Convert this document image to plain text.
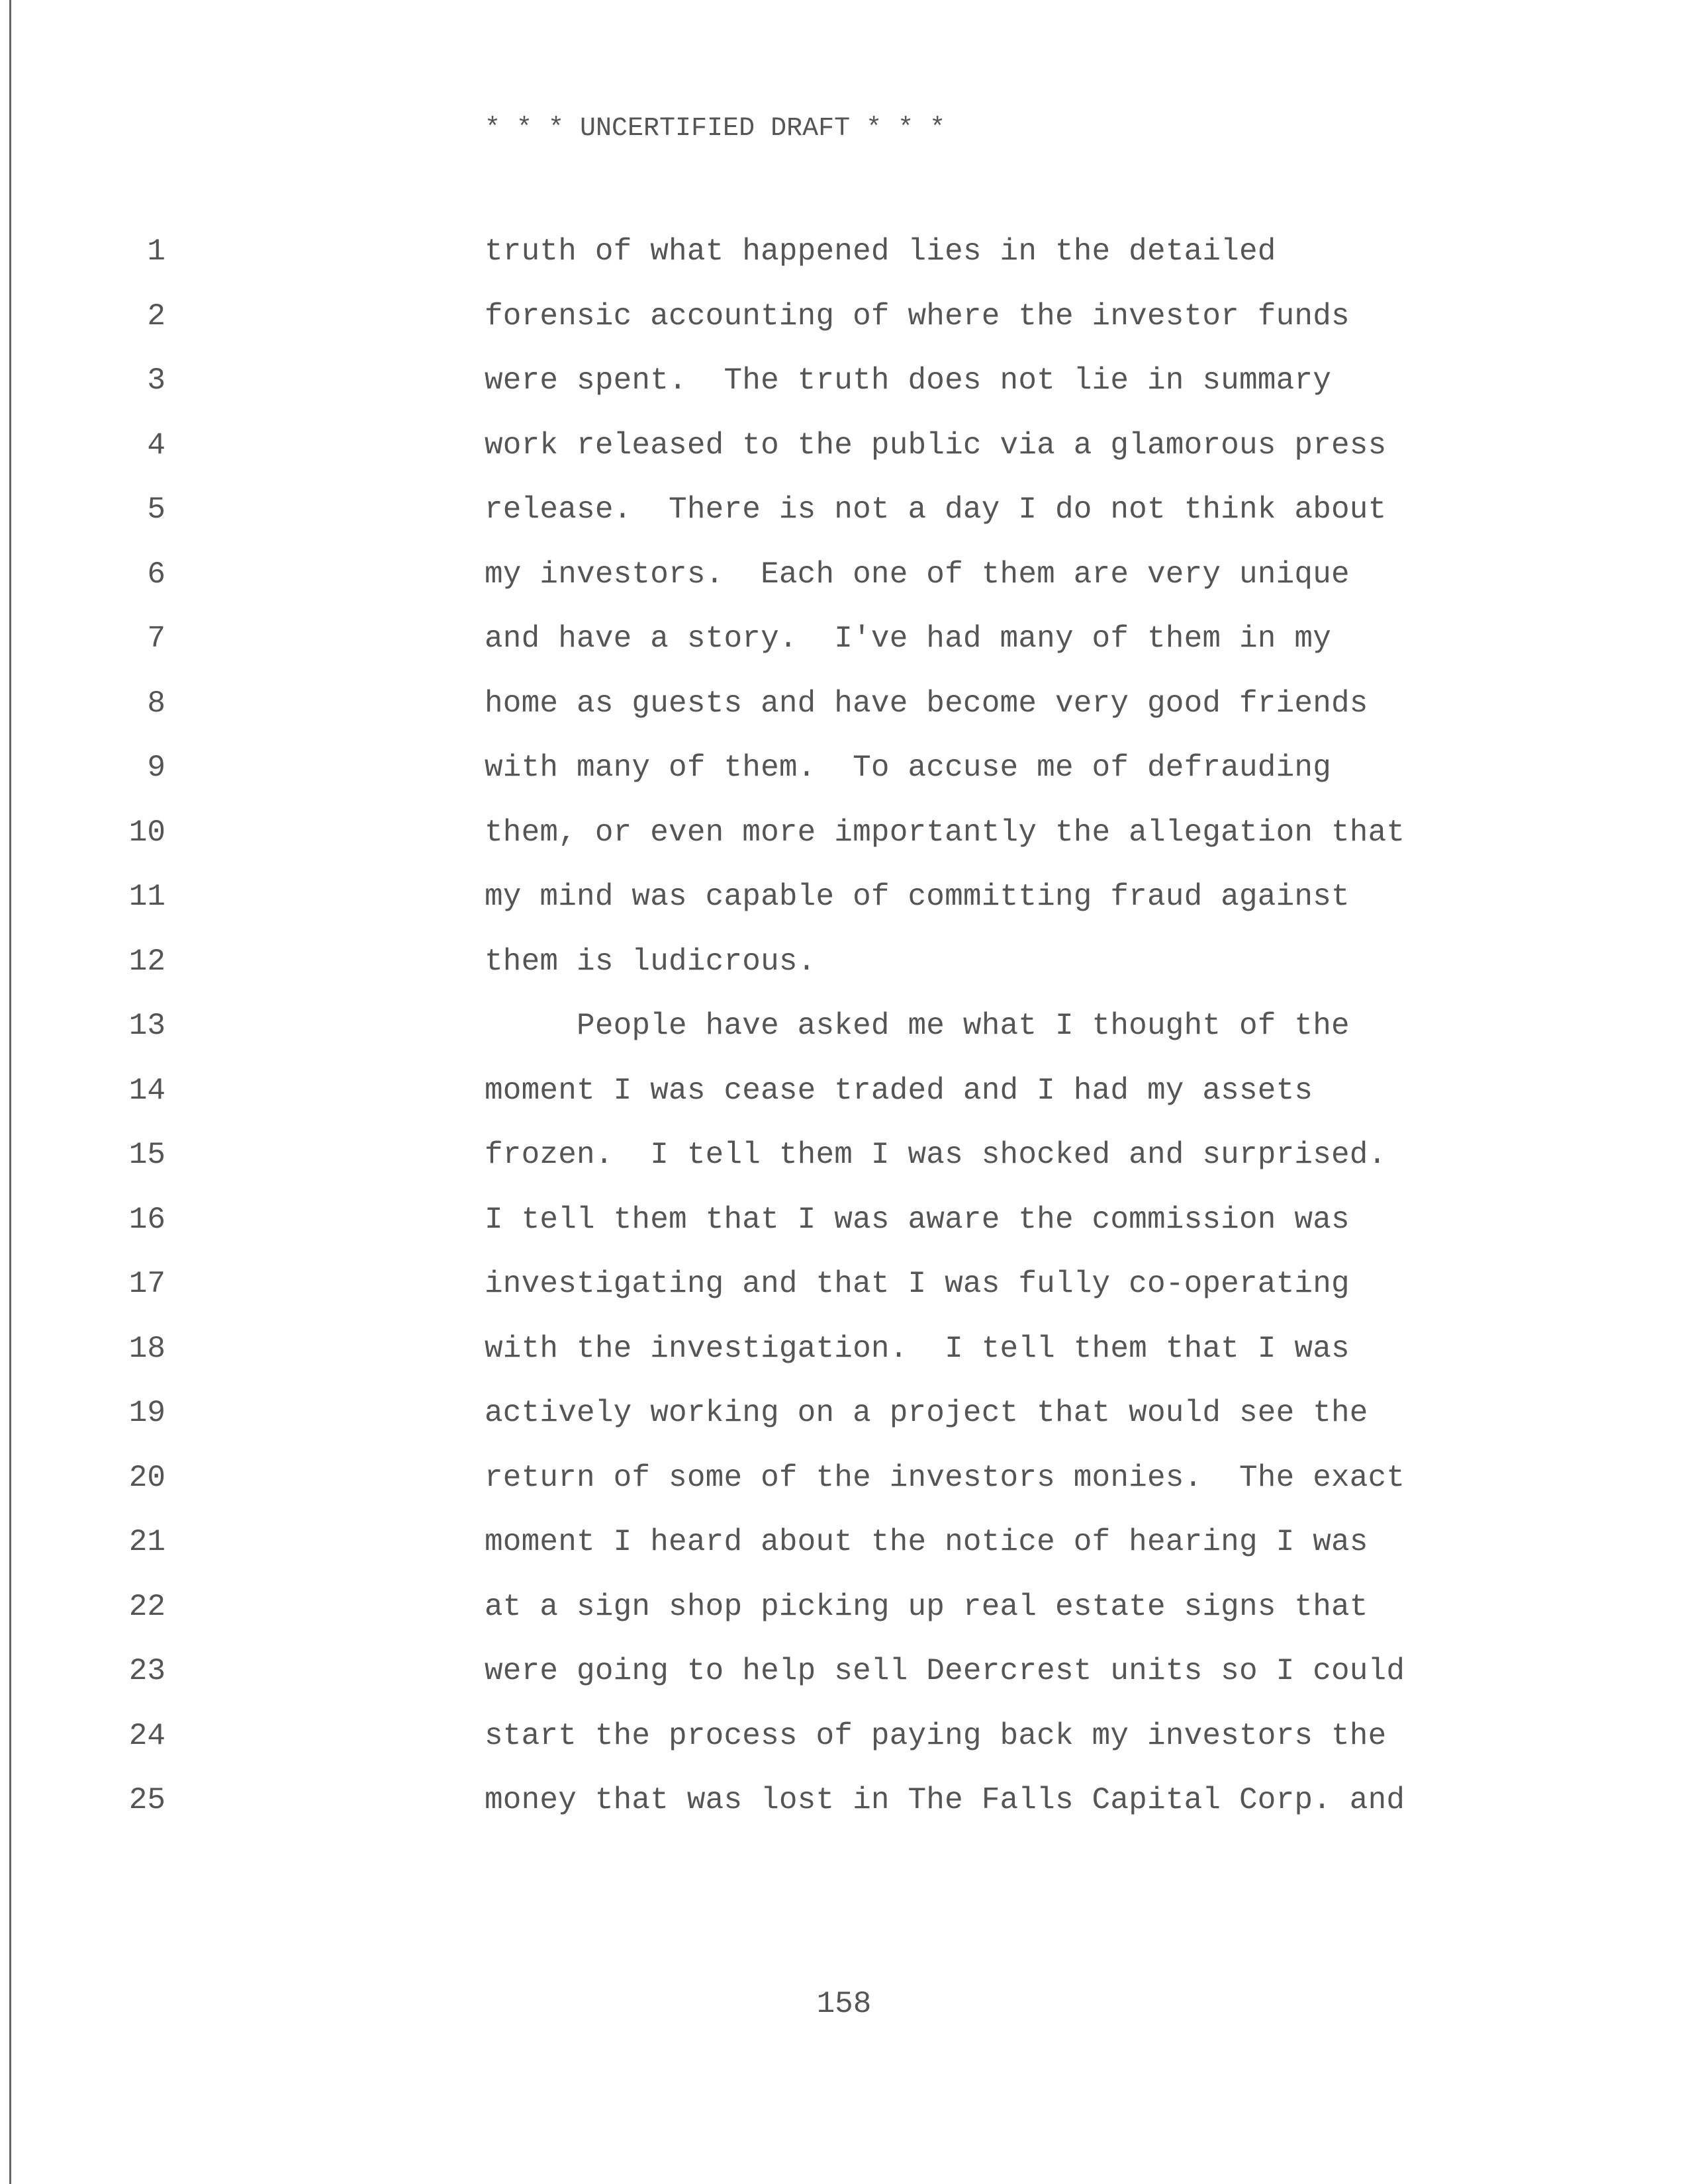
* * * UNCERTIFIED DRAFT * * *
1	truth of what happened lies in the detailed
2	forensic accounting of where the investor funds
3	were spent.  The truth does not lie in summary
4	work released to the public via a glamorous press
5	release.  There is not a day I do not think about
6	my investors.  Each one of them are very unique
7	and have a story.  I've had many of them in my
8	home as guests and have become very good friends
9	with many of them.  To accuse me of defrauding
10	them, or even more importantly the allegation that
11	my mind was capable of committing fraud against
12	them is ludicrous.
13	People have asked me what I thought of the
14	moment I was cease traded and I had my assets
15	frozen.  I tell them I was shocked and surprised.
16	I tell them that I was aware the commission was
17	investigating and that I was fully co-operating
18	with the investigation.  I tell them that I was
19	actively working on a project that would see the
20	return of some of the investors monies.  The exact
21	moment I heard about the notice of hearing I was
22	at a sign shop picking up real estate signs that
23	were going to help sell Deercrest units so I could
24	start the process of paying back my investors the
25	money that was lost in The Falls Capital Corp. and
158
